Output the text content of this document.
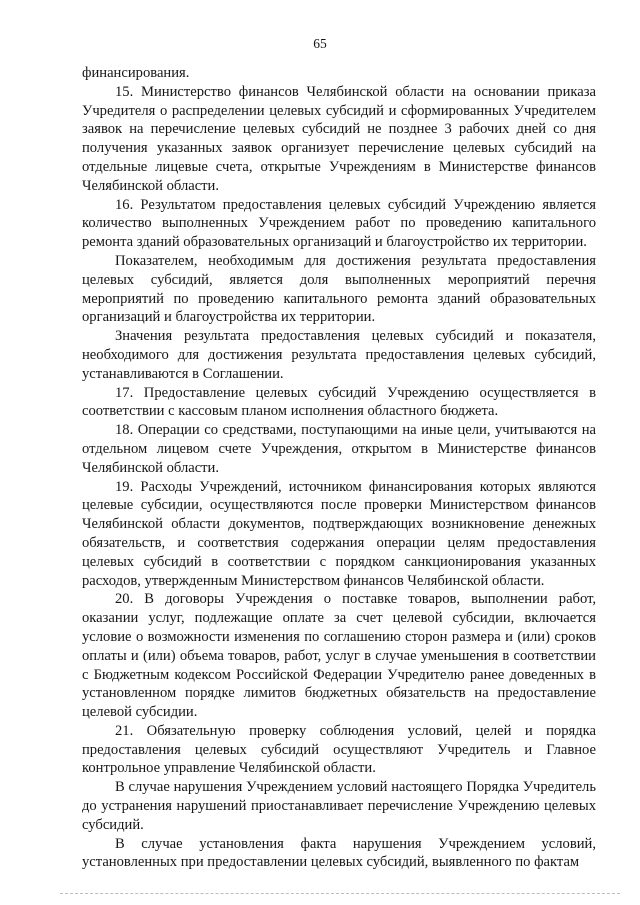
65

финансирования.

15. Министерство финансов Челябинской области на основании приказа Учредителя о распределении целевых субсидий и сформированных Учредителем заявок на перечисление целевых субсидий не позднее 3 рабочих дней со дня получения указанных заявок организует перечисление целевых субсидий на отдельные лицевые счета, открытые Учреждениям в Министерстве финансов Челябинской области.

16. Результатом предоставления целевых субсидий Учреждению является количество выполненных Учреждением работ по проведению капитального ремонта зданий образовательных организаций и благоустройство их территории.

Показателем, необходимым для достижения результата предоставления целевых субсидий, является доля выполненных мероприятий перечня мероприятий по проведению капитального ремонта зданий образовательных организаций и благоустройства их территории.

Значения результата предоставления целевых субсидий и показателя, необходимого для достижения результата предоставления целевых субсидий, устанавливаются в Соглашении.

17. Предоставление целевых субсидий Учреждению осуществляется в соответствии с кассовым планом исполнения областного бюджета.

18. Операции со средствами, поступающими на иные цели, учитываются на отдельном лицевом счете Учреждения, открытом в Министерстве финансов Челябинской области.

19. Расходы Учреждений, источником финансирования которых являются целевые субсидии, осуществляются после проверки Министерством финансов Челябинской области документов, подтверждающих возникновение денежных обязательств, и соответствия содержания операции целям предоставления целевых субсидий в соответствии с порядком санкционирования указанных расходов, утвержденным Министерством финансов Челябинской области.

20. В договоры Учреждения о поставке товаров, выполнении работ, оказании услуг, подлежащие оплате за счет целевой субсидии, включается условие о возможности изменения по соглашению сторон размера и (или) сроков оплаты и (или) объема товаров, работ, услуг в случае уменьшения в соответствии с Бюджетным кодексом Российской Федерации Учредителю ранее доведенных в установленном порядке лимитов бюджетных обязательств на предоставление целевой субсидии.

21. Обязательную проверку соблюдения условий, целей и порядка предоставления целевых субсидий осуществляют Учредитель и Главное контрольное управление Челябинской области.

В случае нарушения Учреждением условий настоящего Порядка Учредитель до устранения нарушений приостанавливает перечисление Учреждению целевых субсидий.

В случае установления факта нарушения Учреждением условий, установленных при предоставлении целевых субсидий, выявленного по фактам
